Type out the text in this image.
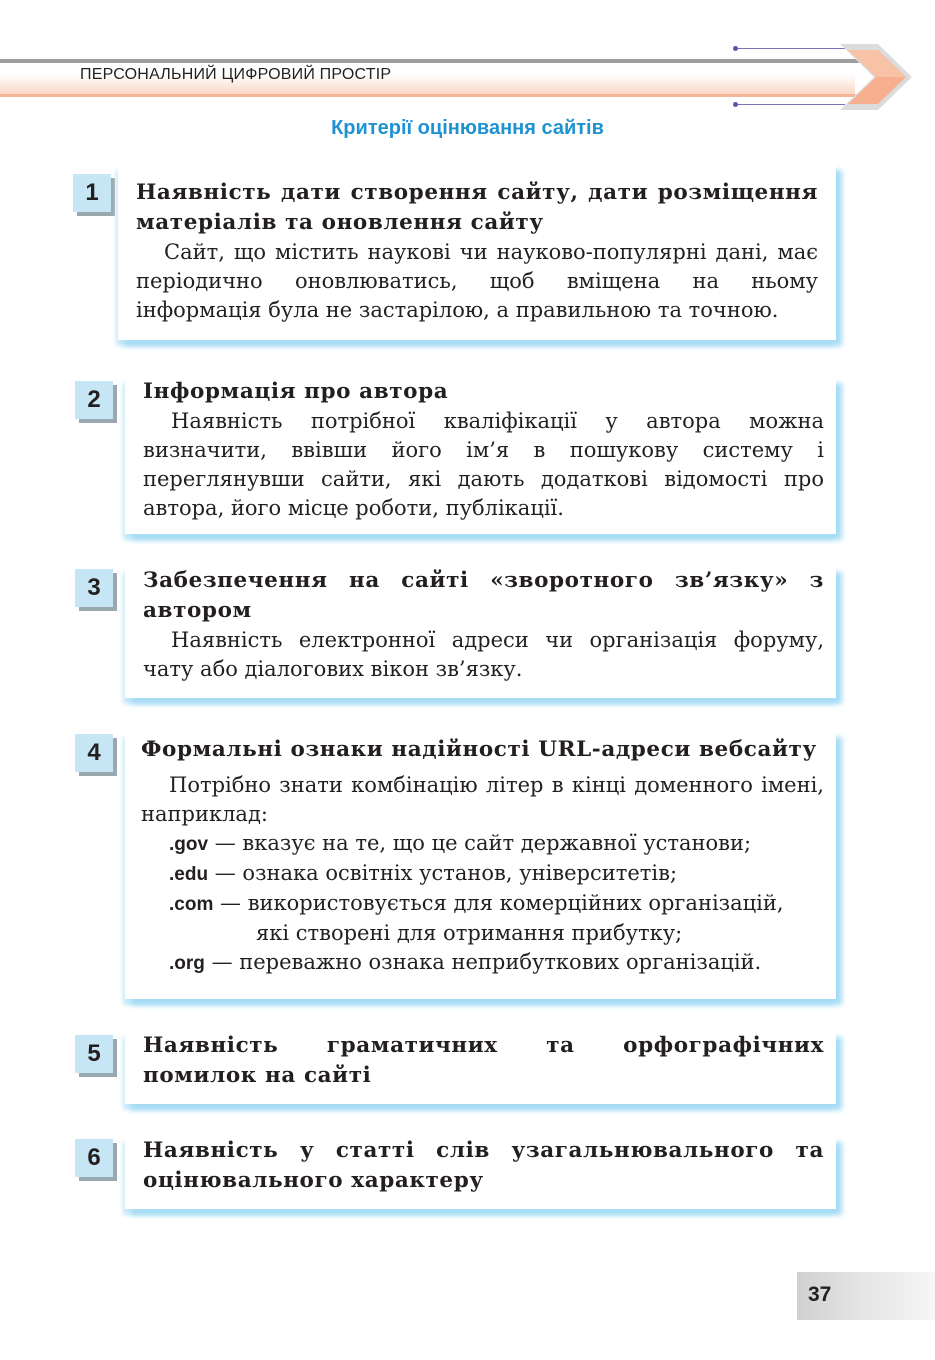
ПЕРСОНАЛЬНИЙ ЦИФРОВИЙ ПРОСТІР
Критерії оцінювання сайтів
1	Наявність дати створення сайту, дати розміщення матеріалів та оновлення сайту

Сайт, що містить наукові чи науково-популярні дані, має періодично оновлюватись, щоб вміщена на ньому інформація була не застарілою, а правильною та точною.

2	Інформація про автора

Наявність потрібної кваліфікації у автора можна визначити, ввівши його ім’я в пошукову систему і переглянувши сайти, які дають додаткові відомості про автора, його місце роботи, публікації.

3	Забезпечення на сайті «зворотного зв’язку» з автором

Наявність електронної адреси чи організація форуму, чату або діалогових вікон зв’язку.

4	Формальні ознаки надійності URL-адреси вебсайту

Потрібно знати комбінацію літер в кінці доменного імені, наприклад:

.gov — вказує на те, що це сайт державної установи;
.edu — ознака освітніх установ, університетів;
.com — використовується для комерційних організацій,
які створені для отримання прибутку;
.org — переважно ознака неприбуткових організацій.
5	Наявність граматичних та орфографічних помилок на сайті

6	Наявність у статті слів узагальнювального та оцінювального характеру

37
